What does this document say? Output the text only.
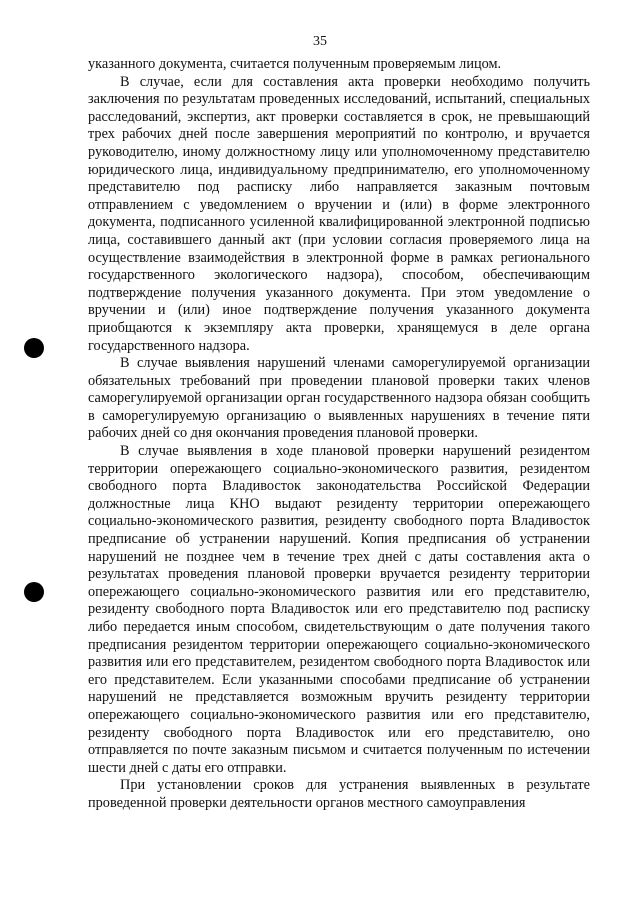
35

указанного документа, считается полученным проверяемым лицом.

В случае, если для составления акта проверки необходимо получить заключения по результатам проведенных исследований, испытаний, специальных расследований, экспертиз, акт проверки составляется в срок, не превышающий трех рабочих дней после завершения мероприятий по контролю, и вручается руководителю, иному должностному лицу или уполномоченному представителю юридического лица, индивидуальному предпринимателю, его уполномоченному представителю под расписку либо направляется заказным почтовым отправлением с уведомлением о вручении и (или) в форме электронного документа, подписанного усиленной квалифицированной электронной подписью лица, составившего данный акт (при условии согласия проверяемого лица на осуществление взаимодействия в электронной форме в рамках регионального государственного экологического надзора), способом, обеспечивающим подтверждение получения указанного документа. При этом уведомление о вручении и (или) иное подтверждение получения указанного документа приобщаются к экземпляру акта проверки, хранящемуся в деле органа государственного надзора.

В случае выявления нарушений членами саморегулируемой организации обязательных требований при проведении плановой проверки таких членов саморегулируемой организации орган государственного надзора обязан сообщить в саморегулируемую организацию о выявленных нарушениях в течение пяти рабочих дней со дня окончания проведения плановой проверки.

В случае выявления в ходе плановой проверки нарушений резидентом территории опережающего социально-экономического развития, резидентом свободного порта Владивосток законодательства Российской Федерации должностные лица КНО выдают резиденту территории опережающего социально-экономического развития, резиденту свободного порта Владивосток предписание об устранении нарушений. Копия предписания об устранении нарушений не позднее чем в течение трех дней с даты составления акта о результатах проведения плановой проверки вручается резиденту территории опережающего социально-экономического развития или его представителю, резиденту свободного порта Владивосток или его представителю под расписку либо передается иным способом, свидетельствующим о дате получения такого предписания резидентом территории опережающего социально-экономического развития или его представителем, резидентом свободного порта Владивосток или его представителем. Если указанными способами предписание об устранении нарушений не представляется возможным вручить резиденту территории опережающего социально-экономического развития или его представителю, резиденту свободного порта Владивосток или его представителю, оно отправляется по почте заказным письмом и считается полученным по истечении шести дней с даты его отправки.

При установлении сроков для устранения выявленных в результате проведенной проверки деятельности органов местного самоуправления
